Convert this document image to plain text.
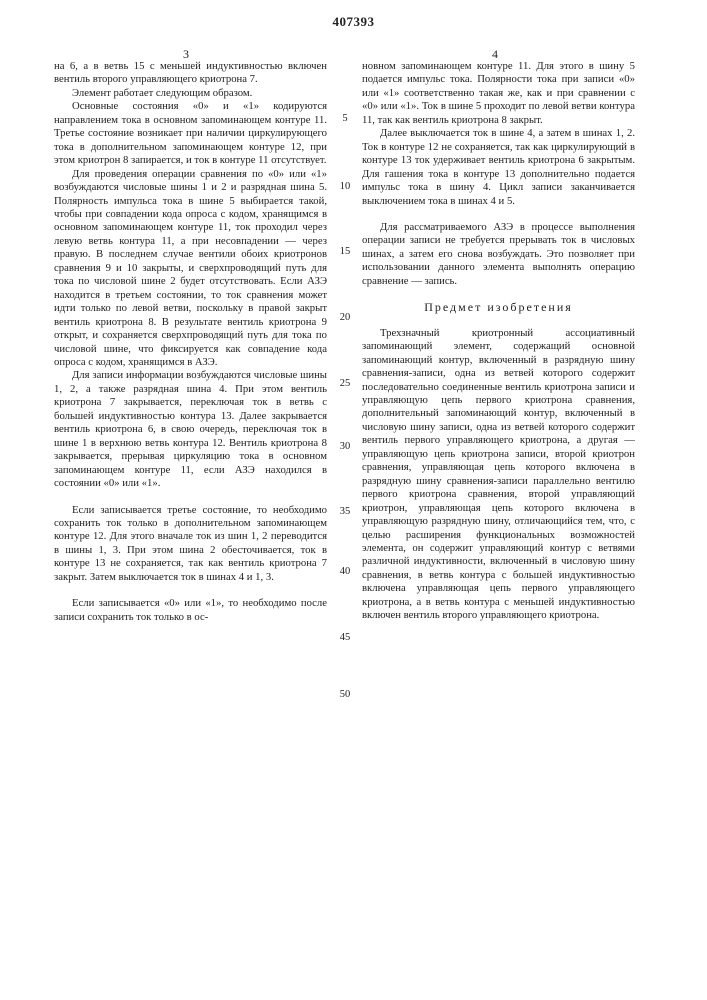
407393
3	4

на 6, а в ветвь 15 с меньшей индуктивностью включен вентиль второго управляющего криотрона 7.

Элемент работает следующим образом.

Основные состояния «0» и «1» кодируются направлением тока в основном запоминающем контуре 11. Третье состояние возникает при наличии циркулирующего тока в дополнительном запоминающем контуре 12, при этом криотрон 8 запирается, и ток в контуре 11 отсутствует.

Для проведения операции сравнения по «0» или «1» возбуждаются числовые шины 1 и 2 и разрядная шина 5. Полярность импульса тока в шине 5 выбирается такой, чтобы при совпадении кода опроса с кодом, хранящимся в основном запоминающем контуре 11, ток проходил через левую ветвь контура 11, а при несовпадении — через правую. В последнем случае вентили обоих криотронов сравнения 9 и 10 закрыты, и сверхпроводящий путь для тока по числовой шине 2 будет отсутствовать. Если АЗЭ находится в третьем состоянии, то ток сравнения может идти только по левой ветви, поскольку в правой закрыт вентиль криотрона 8. В результате вентиль криотрона 9 открыт, и сохраняется сверхпроводящий путь для тока по числовой шине, что фиксируется как совпадение кода опроса с кодом, хранящимся в АЗЭ.

Для записи информации возбуждаются числовые шины 1, 2, а также разрядная шина 4. При этом вентиль криотрона 7 закрывается, переключая ток в ветвь с большей индуктивностью контура 13. Далее закрывается вентиль криотрона 6, в свою очередь, переключая ток в шине 1 в верхнюю ветвь контура 12. Вентиль криотрона 8 закрывается, прерывая циркуляцию тока в основном запоминающем контуре 11, если АЗЭ находился в состоянии «0» или «1».

Если записывается третье состояние, то необходимо сохранить ток только в дополнительном запоминающем контуре 12. Для этого вначале ток из шин 1, 2 переводится в шины 1, 3. При этом шина 2 обесточивается, ток в контуре 13 не сохраняется, так как вентиль криотрона 7 закрыт. Затем выключается ток в шинах 4 и 1, 3.

Если записывается «0» или «1», то необходимо после записи сохранить ток только в ос-

новном запоминающем контуре 11. Для этого в шину 5 подается импульс тока. Полярности тока при записи «0» или «1» соответственно такая же, как и при сравнении с «0» или «1». Ток в шине 5 проходит по левой ветви контура 11, так как вентиль криотрона 8 закрыт.

Далее выключается ток в шине 4, а затем в шинах 1, 2. Ток в контуре 12 не сохраняется, так как циркулирующий в контуре 13 ток удерживает вентиль криотрона 6 закрытым. Для гашения тока в контуре 13 дополнительно подается импульс тока в шину 4. Цикл записи заканчивается выключением тока в шинах 4 и 5.

Для рассматриваемого АЗЭ в процессе выполнения операции записи не требуется прерывать ток в числовых шинах, а затем его снова возбуждать. Это позволяет при использовании данного элемента выполнять операцию сравнение — запись.

Предмет изобретения

Трехзначный криотронный ассоциативный запоминающий элемент, содержащий основной запоминающий контур, включенный в разрядную шину сравнения-записи, одна из ветвей которого содержит последовательно соединенные вентиль криотрона записи и управляющую цепь первого криотрона сравнения, дополнительный запоминающий контур, включенный в числовую шину записи, одна из ветвей которого содержит вентиль первого управляющего криотрона, а другая — управляющую цепь криотрона записи, второй криотрон сравнения, управляющая цепь которого включена в разрядную шину сравнения-записи параллельно вентилю первого криотрона сравнения, второй управляющий криотрон, управляющая цепь которого включена в управляющую разрядную шину, отличающийся тем, что, с целью расширения функциональных возможностей элемента, он содержит управляющий контур с ветвями различной индуктивности, включенный в числовую шину сравнения, в ветвь контура с большей индуктивностью включена управляющая цепь первого управляющего криотрона, а в ветвь контура с меньшей индуктивностью включен вентиль второго управляющего криотрона.

5
10
15
20
25
30
35
40
45
50
